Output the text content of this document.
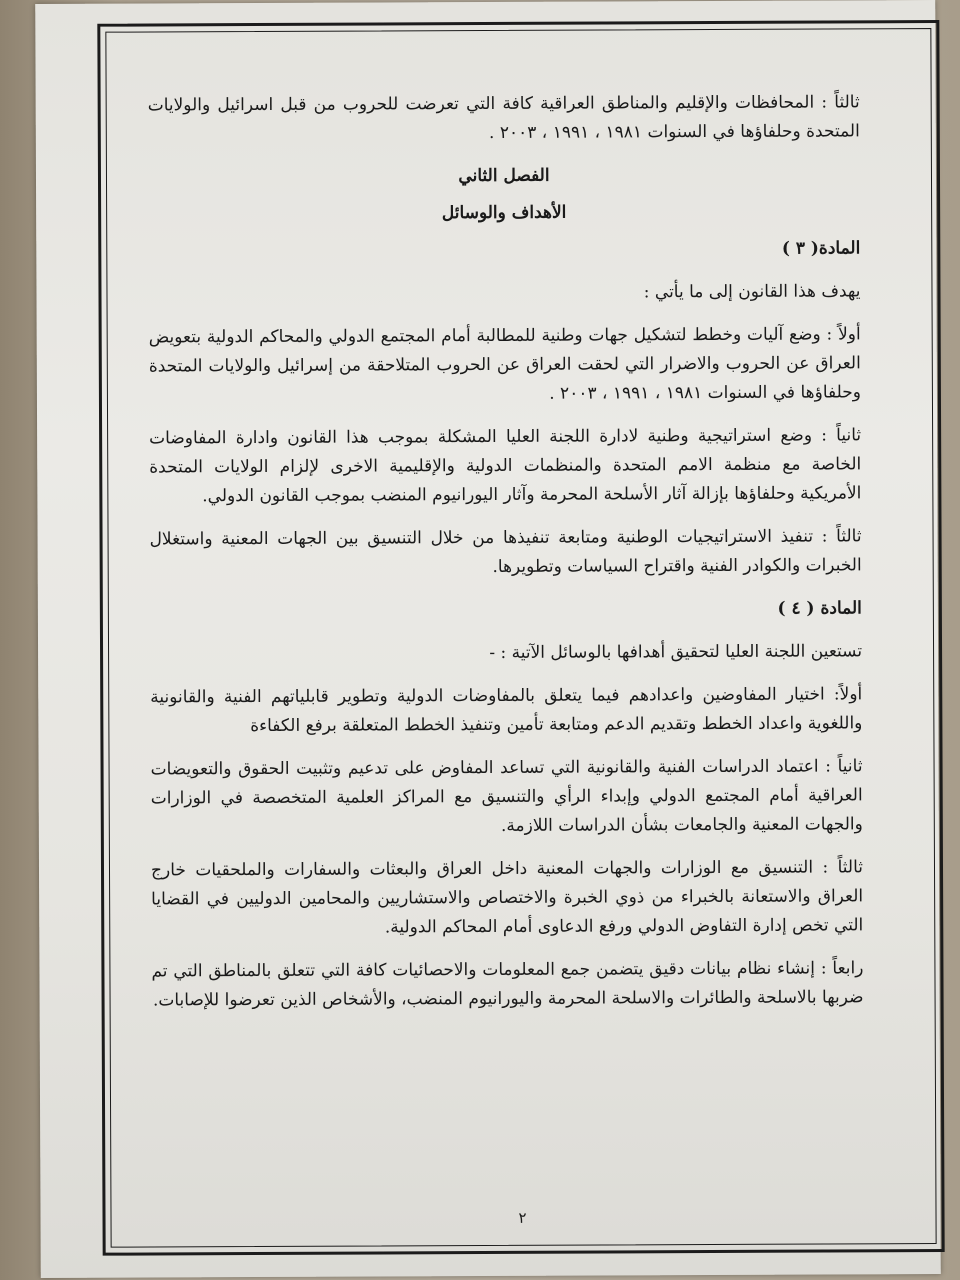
ثالثاً : المحافظات والإقليم والمناطق العراقية كافة التي تعرضت للحروب من قبل اسرائيل والولايات المتحدة وحلفاؤها في السنوات ١٩٨١ ، ١٩٩١ ، ٢٠٠٣ .

الفصل الثاني
الأهداف والوسائل
المادة( ٣ )

يهدف هذا القانون إلى ما يأتي :

أولاً : وضع آليات وخطط لتشكيل جهات وطنية للمطالبة أمام المجتمع الدولي والمحاكم الدولية بتعويض العراق عن الحروب والاضرار التي لحقت العراق عن الحروب المتلاحقة من إسرائيل والولايات المتحدة وحلفاؤها في السنوات ١٩٨١ ، ١٩٩١ ، ٢٠٠٣ .

ثانياً : وضع استراتيجية وطنية لادارة اللجنة العليا المشكلة بموجب هذا القانون وادارة المفاوضات الخاصة مع منظمة الامم المتحدة والمنظمات الدولية والإقليمية الاخرى لإلزام الولايات المتحدة الأمريكية وحلفاؤها بإزالة آثار الأسلحة المحرمة وآثار اليورانيوم المنضب بموجب القانون الدولي.

ثالثاً : تنفيذ الاستراتيجيات الوطنية ومتابعة تنفيذها من خلال التنسيق بين الجهات المعنية واستغلال الخبرات والكوادر الفنية واقتراح السياسات وتطويرها.

المادة ( ٤ )

تستعين اللجنة العليا لتحقيق أهدافها بالوسائل الآتية : -

أولاً: اختيار المفاوضين واعدادهم فيما يتعلق بالمفاوضات الدولية وتطوير قابلياتهم الفنية والقانونية واللغوية واعداد الخطط وتقديم الدعم ومتابعة تأمين وتنفيذ الخطط المتعلقة برفع الكفاءة

ثانياً : اعتماد الدراسات الفنية والقانونية التي تساعد المفاوض على تدعيم وتثبيت الحقوق والتعويضات العراقية أمام المجتمع الدولي وإبداء الرأي والتنسيق مع المراكز العلمية المتخصصة في الوزارات والجهات المعنية والجامعات بشأن الدراسات اللازمة.

ثالثاً : التنسيق مع الوزارات والجهات المعنية داخل العراق والبعثات والسفارات والملحقيات خارج العراق والاستعانة بالخبراء من ذوي الخبرة والاختصاص والاستشاريين والمحامين الدوليين في القضايا التي تخص إدارة التفاوض الدولي ورفع الدعاوى أمام المحاكم الدولية.

رابعاً : إنشاء نظام بيانات دقيق يتضمن جمع المعلومات والاحصائيات كافة التي تتعلق بالمناطق التي تم ضربها بالاسلحة والطائرات والاسلحة المحرمة واليورانيوم المنضب، والأشخاص الذين تعرضوا للإصابات.

٢
